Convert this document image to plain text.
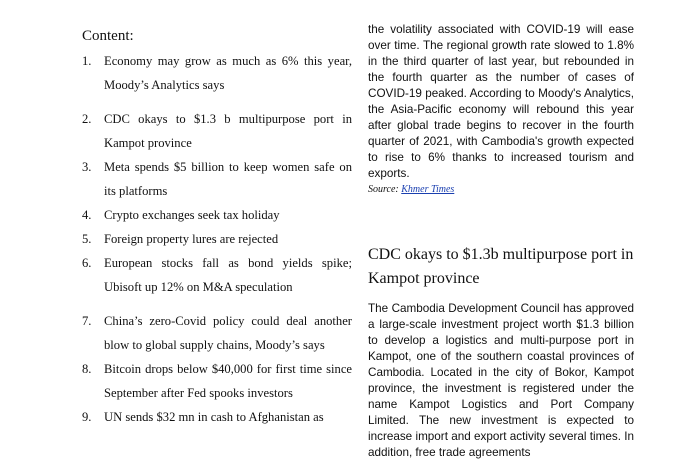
Content:
1. Economy may grow as much as 6% this year, Moody’s Analytics says
2. CDC okays to $1.3 b multipurpose port in Kampot province
3. Meta spends $5 billion to keep women safe on its platforms
4. Crypto exchanges seek tax holiday
5. Foreign property lures are rejected
6. European stocks fall as bond yields spike; Ubisoft up 12% on M&A speculation
7. China’s zero-Covid policy could deal another blow to global supply chains, Moody’s says
8. Bitcoin drops below $40,000 for first time since September after Fed spooks investors
9. UN sends $32 mn in cash to Afghanistan as

the volatility associated with COVID-19 will ease over time. The regional growth rate slowed to 1.8% in the third quarter of last year, but rebounded in the fourth quarter as the number of cases of COVID-19 peaked. According to Moody's Analytics, the Asia-Pacific economy will rebound this year after global trade begins to recover in the fourth quarter of 2021, with Cambodia's growth expected to rise to 6% thanks to increased tourism and exports.

Source: Khmer Times
CDC okays to $1.3b multipurpose port in Kampot province

The Cambodia Development Council has approved a large-scale investment project worth $1.3 billion to develop a logistics and multi-purpose port in Kampot, one of the southern coastal provinces of Cambodia. Located in the city of Bokor, Kampot province, the investment is registered under the name Kampot Logistics and Port Company Limited. The new investment is expected to increase import and export activity several times. In addition, free trade agreements
